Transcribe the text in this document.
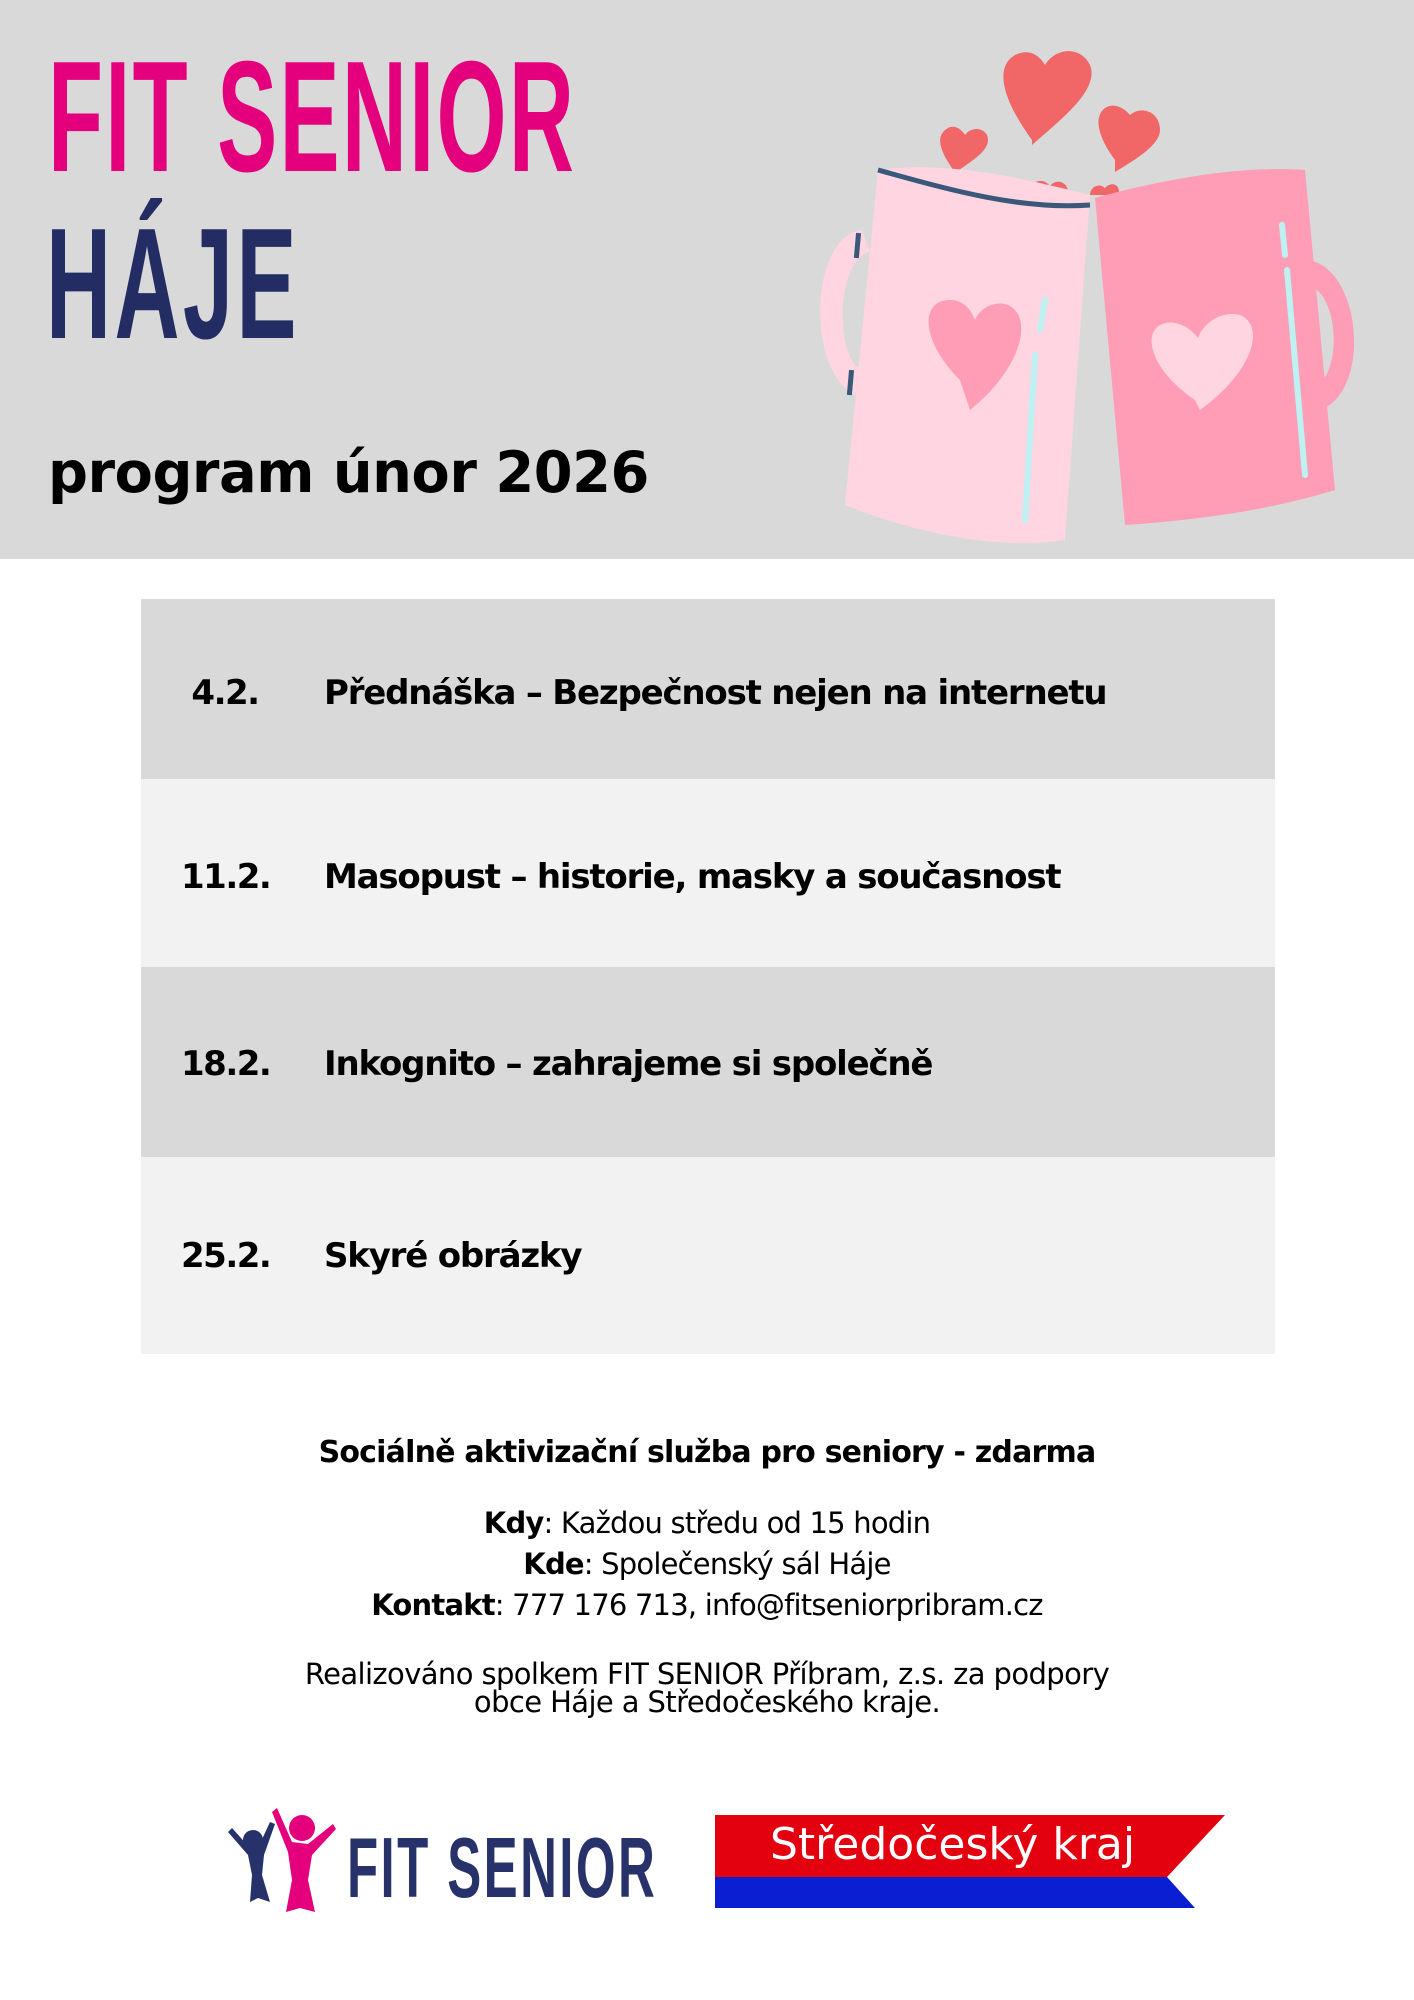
FIT SENIOR
HÁJE
program únor 2026
4.2.	Přednáška – Bezpečnost nejen na internetu
11.2. Masopust – historie, masky a současnost
18.2. Inkognito – zahrajeme si společně
25.2. Skyré obrázky
Sociálně aktivizační služba pro seniory - zdarma
Kdy: Každou středu od 15 hodin
Kde: Společenský sál Háje
Kontakt: 777 176 713, info@fitseniorpribram.cz
Realizováno spolkem FIT SENIOR Příbram, z.s. za podpory
obce Háje a Středočeského kraje.
FIT SENIOR	Středočeský kraj
